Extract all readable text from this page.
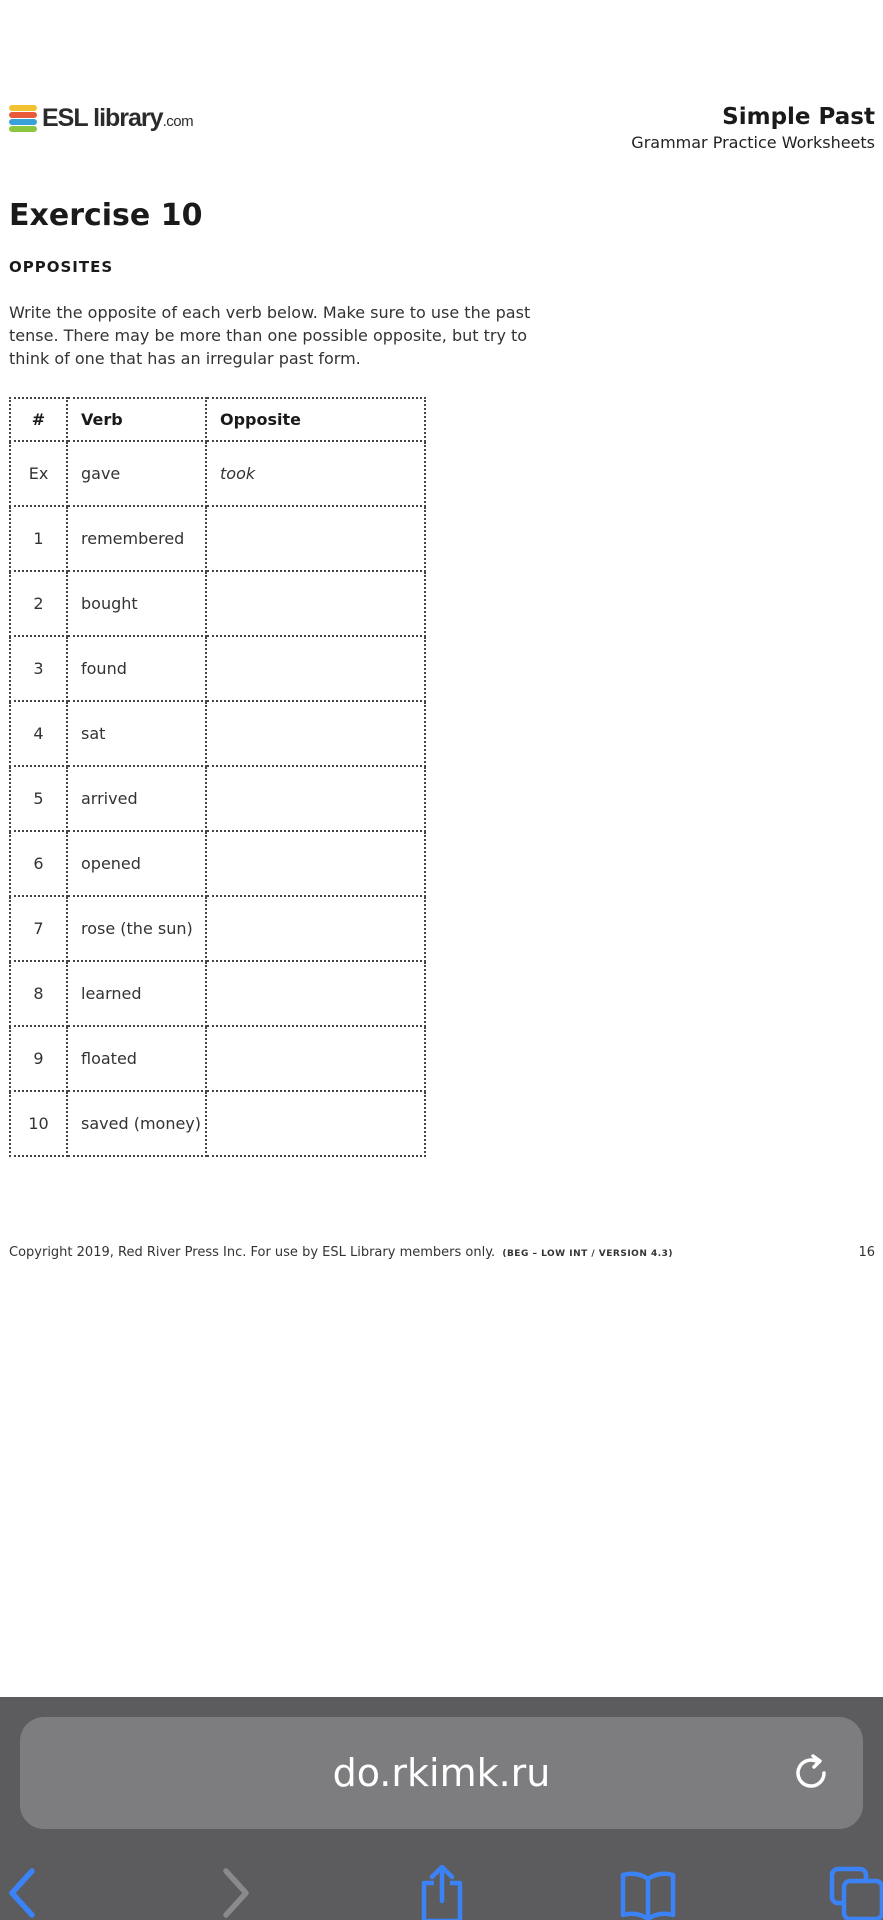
ESL library.com	Simple Past
Grammar Practice Worksheets
Exercise 10
OPPOSITES
Write the opposite of each verb below. Make sure to use the past tense. There may be more than one possible opposite, but try to think of one that has an irregular past form.
#	Verb	Opposite
Ex	gave	took
1	remembered	
2	bought	
3	found	
4	sat	
5	arrived	
6	opened	
7	rose (the sun)	
8	learned	
9	floated	
10	saved (money)	
Copyright 2019, Red River Press Inc. For use by ESL Library members only. (BEG – LOW INT / VERSION 4.3)	16
do.rkimk.ru
